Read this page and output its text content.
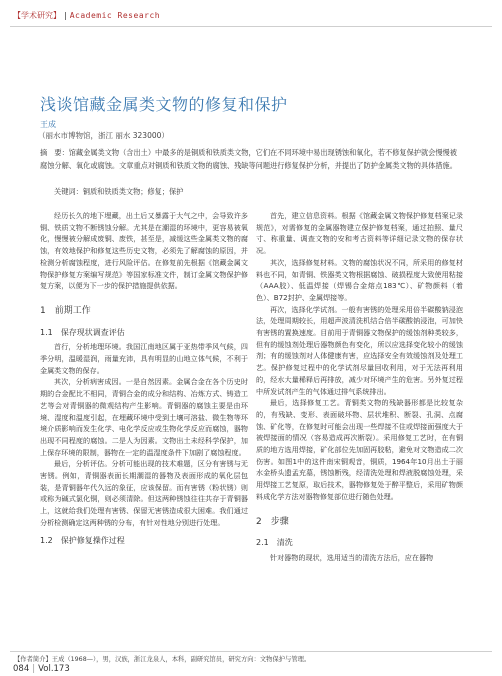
【学术研究】 | Academic Research
浅谈馆藏金属类文物的修复和保护
王成
（丽水市博物馆，浙江 丽水 323000）
摘　要：馆藏金属类文物（含出土）中最多的是铜质和铁质类文物，它们在不同环境中易出现锈蚀和氧化，若不修复保护就会慢慢被腐蚀分解、氧化或腐蚀。文章重点对铜质和铁质文物的腐蚀、残缺等问题进行修复保护分析，并提出了防护金属类文物的具体措施。
关键词：铜质和铁质类文物；修复；保护

经历长久的地下埋藏，出土后又暴露于大气之中，会导致许多铜、铁质文物不断锈蚀分解。尤其是在潮湿的环境中，更容易被氧化，慢慢被分解成废铜、废铁，甚至是，减缓这些金属类文物的腐蚀，有效地保护和修复这些历史文物，必须先了解腐蚀的原因，并检测分析腐蚀程度，进行风险评估。在修复前先根据《馆藏金属文物保护修复方案编写规范》等国家标准文件，制订金属文物保护修复方案，以便为下一步的保护措施提供依据。

1　前期工作

1.1　保存现状调查评估

首行，分析地理环境。我国江南地区属于亚热带季风气候，四季分明，温暖湿润，雨量充沛，具有明显的山地立体气候，不利于金属类文物的保存。

其次，分析病害成因。一是自然因素。金属合金在各个历史时期的合金配比不相同，青铜合金的成分和结构、冶炼方式、铸造工艺等会对青铜器的微观结构产生影响。青铜器的腐蚀主要是由环境、湿度和温度引起，在埋藏环境中受到土壤可溶盐、微生物等环境介质影响而发生化学、电化学反应或生物化学反应而腐蚀，器物出现不同程度的腐蚀。二是人为因素。文物出土未经科学保护，加上保存环境的限制，器物在一定的温湿度条件下加剧了腐蚀程度。

最后，分析评估。分析可能出现的技术难题，区分有害锈与无害锈。例如，青铜器表面长期潮湿的器物及表面形成的氧化层包装，是青铜器年代久远的象征，应该保留。而有害锈（粉状锈）则或称为碱式氯化铜，则必须清除。但这两种锈蚀往往共存于青铜器上，这就给我们处理有害锈、保留无害锈造成很大困难。我们通过分析检测确定这两种锈的分布，有针对性地分别进行处理。

1.2　保护修复操作过程

首先，建立信息资料。根据《馆藏金属文物保护修复档案记录规范》，对需修复的金属器物建立保护修复档案，通过拍照、量尺寸、称重量、调查文物的安和考古资料等详细记录文物的保存状况。

其次，选择修复材料。文物的腐蚀状况不同，所采用的修复材料也不同，如青铜、铁器类文物根据腐蚀、破损程度大致使用粘接（AAA胶）、低温焊接（焊锡合金熔点183℃）、矿物颜料（着色）、B72封护、金属焊接等。

再次，选择化学试剂。一般有害锈的处理采用倍半碳酸钠浸泡法，处理周期较长，用超声波清洗机结合倍半碳酸钠浸泡，可加快有害锈的置换速度。目前用于青铜器文物保护的缓蚀剂种类较多，但有的缓蚀剂处理后器物颜色有变化，所以应选择变化较小的缓蚀剂；有的缓蚀剂对人体健康有害，应选择安全有效缓蚀剂及处理工艺。保护修复过程中的化学试剂尽量回收利用，对于无法再利用的，经水大量稀释后再排放，减少对环境产生的危害。另外复过程中所发试剂产生的气体通过排气系统排出。

最后，选择修复工艺。青铜类文物的残缺器形都是比较复杂的，有残缺、变形、表面破坏物、层状堆积、断裂、孔洞、点腐蚀、矿化等，在修复时可能会出现一些焊接不住或焊接面强度大于被焊接面的情况（容易造成再次断裂）。采用修复工艺时，在有铜质的地方选用焊接，矿化部位先加固再胶粘，避免对文物造成二次伤害。如图1中的这件南宋铜观音，铜质，1964年10月出土于丽水金桥头遗孟充墓，锈蚀断残，经清洗处理和焊液脱腐蚀处理，采用焊接工艺复原，取后技术，器物修复处于醉平整后，采用矿物颜料成化学方法对器物修复部位进行随色处理。

2　步骤

2.1　清洗

针对器物的现状，选用适当的清洗方法后，应在器物

【作者简介】王成（1968—），男，汉族，浙江龙泉人，本科，副研究馆员，研究方向：文物保护与管理。
084 | Vol.173
